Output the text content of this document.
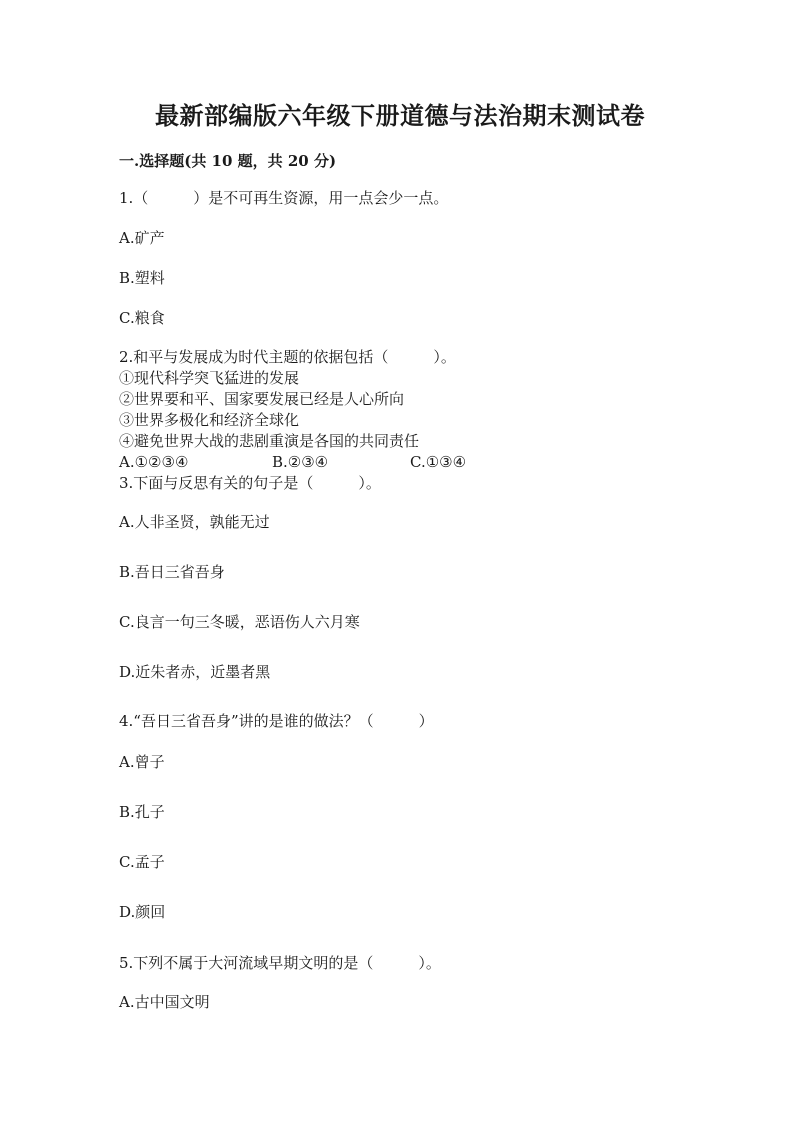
最新部编版六年级下册道德与法治期末测试卷
一.选择题(共 10 题，共 20 分)
1.（　　　）是不可再生资源，用一点会少一点。
A.矿产
B.塑料
C.粮食
2.和平与发展成为时代主题的依据包括（　　　）。
①现代科学突飞猛进的发展
②世界要和平、国家要发展已经是人心所向
③世界多极化和经济全球化
④避免世界大战的悲剧重演是各国的共同责任
A.①②③④	B.②③④	C.①③④
3.下面与反思有关的句子是（　　　）。
A.人非圣贤，孰能无过
B.吾日三省吾身
C.良言一句三冬暖，恶语伤人六月寒
D.近朱者赤，近墨者黑
4.“吾日三省吾身”讲的是谁的做法？（　　　）
A.曾子
B.孔子
C.孟子
D.颜回
5.下列不属于大河流域早期文明的是（　　　）。
A.古中国文明
